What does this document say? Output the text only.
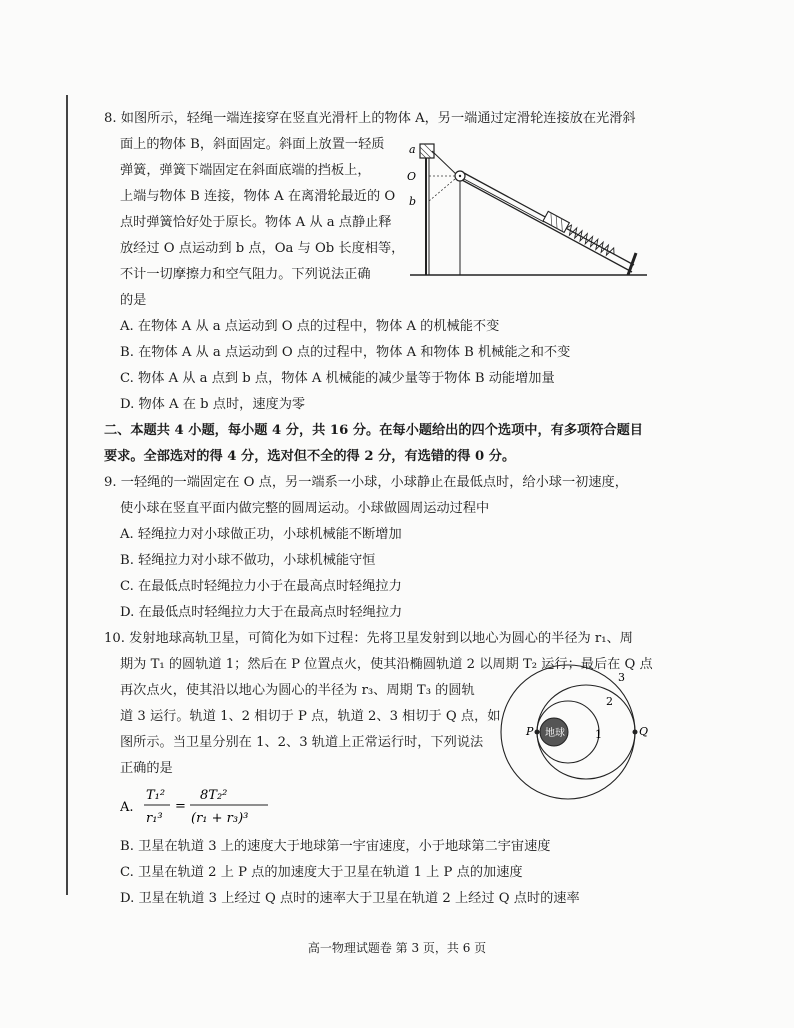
8. 如图所示，轻绳一端连接穿在竖直光滑杆上的物体 A，另一端通过定滑轮连接放在光滑斜
面上的物体 B，斜面固定。斜面上放置一轻质
弹簧，弹簧下端固定在斜面底端的挡板上，
上端与物体 B 连接，物体 A 在离滑轮最近的 O
点时弹簧恰好处于原长。物体 A 从 a 点静止释
放经过 O 点运动到 b 点，Oa 与 Ob 长度相等，
不计一切摩擦力和空气阻力。下列说法正确
的是
a
O
b
A. 在物体 A 从 a 点运动到 O 点的过程中，物体 A 的机械能不变
B. 在物体 A 从 a 点运动到 O 点的过程中，物体 A 和物体 B 机械能之和不变
C. 物体 A 从 a 点到 b 点，物体 A 机械能的减少量等于物体 B 动能增加量
D. 物体 A 在 b 点时，速度为零
二、本题共 4 小题，每小题 4 分，共 16 分。在每小题给出的四个选项中，有多项符合题目
要求。全部选对的得 4 分，选对但不全的得 2 分，有选错的得 0 分。
9. 一轻绳的一端固定在 O 点，另一端系一小球，小球静止在最低点时，给小球一初速度，
使小球在竖直平面内做完整的圆周运动。小球做圆周运动过程中
A. 轻绳拉力对小球做正功，小球机械能不断增加
B. 轻绳拉力对小球不做功，小球机械能守恒
C. 在最低点时轻绳拉力小于在最高点时轻绳拉力
D. 在最低点时轻绳拉力大于在最高点时轻绳拉力
10. 发射地球高轨卫星，可简化为如下过程：先将卫星发射到以地心为圆心的半径为 r₁、周
期为 T₁ 的圆轨道 1；然后在 P 位置点火，使其沿椭圆轨道 2 以周期 T₂ 运行；最后在 Q 点
再次点火，使其沿以地心为圆心的半径为 r₃、周期 T₃ 的圆轨
道 3 运行。轨道 1、2 相切于 P 点，轨道 2、3 相切于 Q 点，如
图所示。当卫星分别在 1、2、3 轨道上正常运行时，下列说法
正确的是
A.
T₁²
r₁³
=
8T₂²
(r₁ + r₃)³
B. 卫星在轨道 3 上的速度大于地球第一宇宙速度，小于地球第二宇宙速度
C. 卫星在轨道 2 上 P 点的加速度大于卫星在轨道 1 上 P 点的加速度
D. 卫星在轨道 3 上经过 Q 点时的速率大于卫星在轨道 2 上经过 Q 点时的速率
地球
P	Q
1
2
3
高一物理试题卷 第 3 页，共 6 页
